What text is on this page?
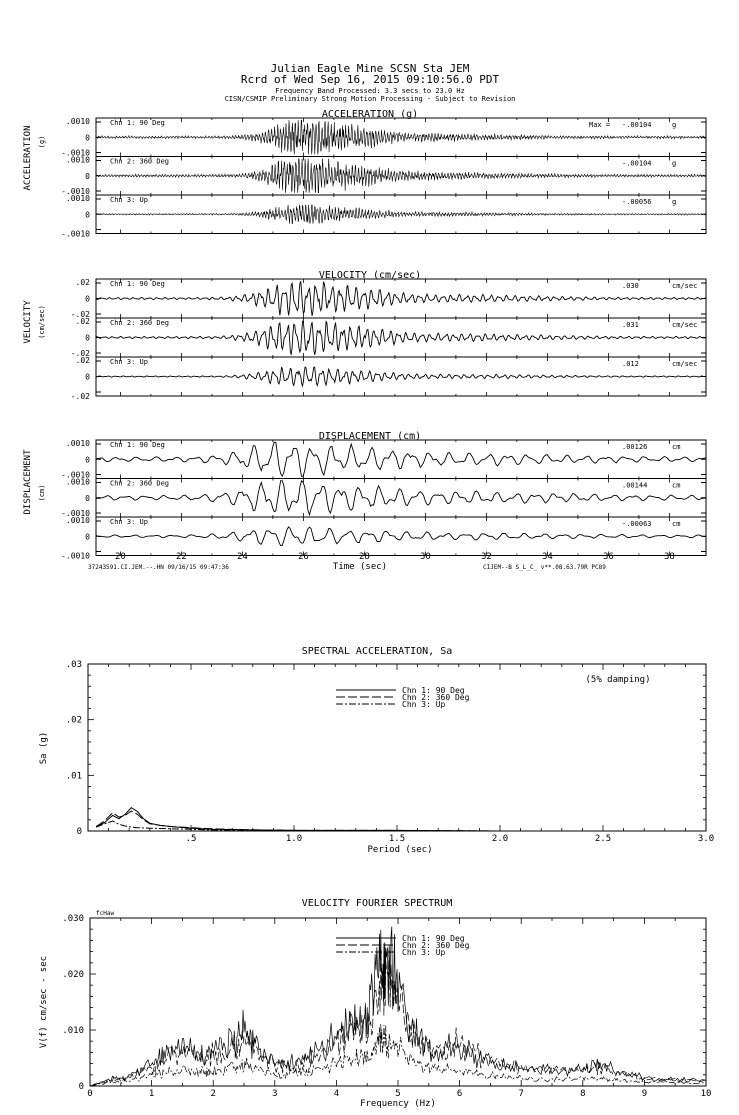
Julian Eagle Mine SCSN Sta JEM
Rcrd of Wed Sep 16, 2015 09:10:56.0 PDT
Frequency Band Processed: 3.3 secs to 23.0 Hz
CISN/CSMIP Preliminary Strong Motion Processing - Subject to Revision
ACCELERATION (g)
ACCELERATION (g)
.0010
0
-.0010
Chn 1: 90 Deg	Max = -.00104	g
.0010
0
-.0010
Chn 2: 360 Deg	-.00104	g
.0010
0
-.0010
Chn 3: Up	-.00056	g
VELOCITY (cm/sec)
VELOCITY (cm/sec)
.02
0
-.02
Chn 1: 90 Deg	.030	cm/sec
.02
0
-.02
Chn 2: 360 Deg	.031	cm/sec
.02
0
-.02
Chn 3: Up	.012	cm/sec
DISPLACEMENT (cm)
DISPLACEMENT (cm)
.0010
0
-.0010
Chn 1: 90 Deg	.00126	cm
.0010
0
-.0010
Chn 2: 360 Deg	.00144	cm
.0010
0
-.0010
Chn 3: Up	-.00063	cm
20	22	24	26	28	30	32	34	36	38
Time (sec)
37243591.CI.JEM.--.HN 09/16/15 09:47:36	CIJEM--B S_L_C_ v**.08.63.79R PC89
SPECTRAL ACCELERATION, Sa
(5% damping)
Sa (g)
Period (sec)
.5	1.0	1.5	2.0	2.5	3.0
.03
.02
.01
0
Chn 1: 90 Deg
Chn 2: 360 Deg
Chn 3: Up
VELOCITY FOURIER SPECTRUM
fcHaw
V(f) cm/sec - sec
Frequency (Hz)
0	1	2	3	4	5	6	7	8	9	10
.030
.020
.010
0
Chn 1: 90 Deg
Chn 2: 360 Deg
Chn 3: Up
